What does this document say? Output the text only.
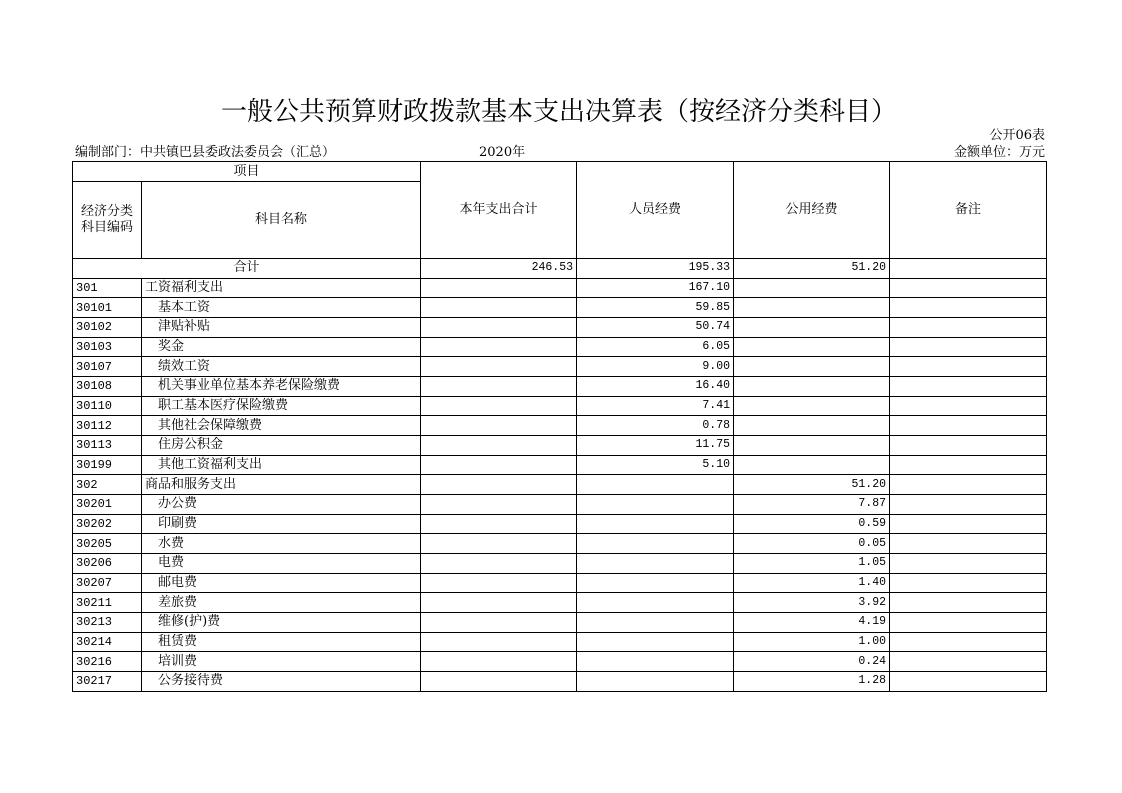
一般公共预算财政拨款基本支出决算表（按经济分类科目）
公开06表
编制部门：中共镇巴县委政法委员会（汇总）	2020年	金额单位：万元
项目		本年支出合计	人员经费	公用经费	备注

经济分类
科目编码	科目名称				
合计		246.53	195.33	51.20	
301	工资福利支出		167.10		
30101	基本工资		59.85		
30102	津贴补贴		50.74		
30103	奖金		6.05		
30107	绩效工资		9.00		
30108	机关事业单位基本养老保险缴费		16.40		
30110	职工基本医疗保险缴费		7.41		
30112	其他社会保障缴费		0.78		
30113	住房公积金		11.75		
30199	其他工资福利支出		5.10		
302	商品和服务支出			51.20	
30201	办公费			7.87	
30202	印刷费			0.59	
30205	水费			0.05	
30206	电费			1.05	
30207	邮电费			1.40	
30211	差旅费			3.92	
30213	维修(护)费			4.19	
30214	租赁费			1.00	
30216	培训费			0.24	
30217	公务接待费			1.28	
